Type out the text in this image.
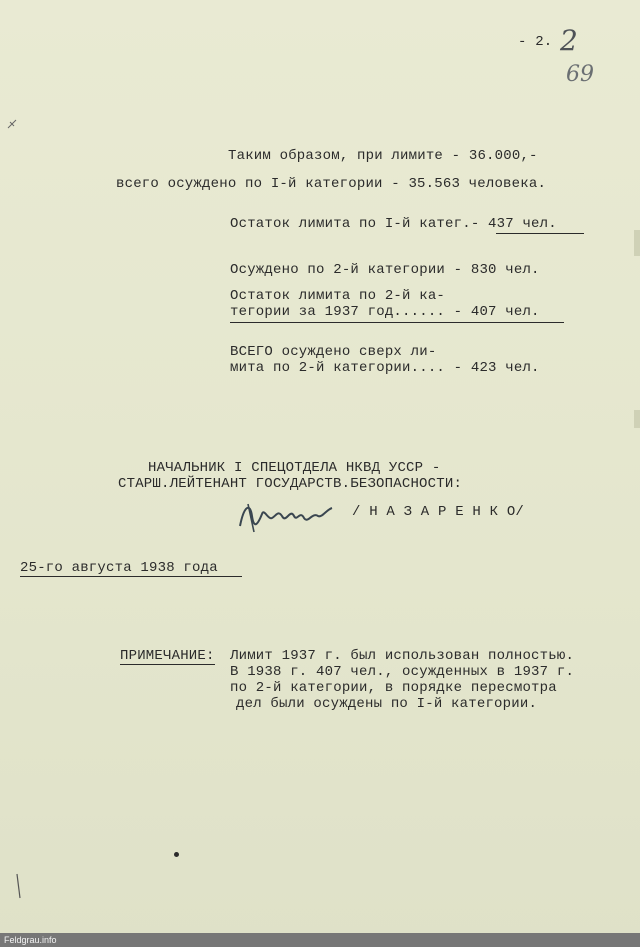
- 2. 2
69
Таким образом, при лимите - 36.000,-
всего осуждено по I-й категории - 35.563 человека.
Остаток лимита по I-й катег.- 437 чел.
Осуждено по 2-й категории - 830 чел.
Остаток лимита по 2-й ка-
тегории за 1937 год...... - 407 чел.
ВСЕГО осуждено сверх ли-
мита по 2-й категории.... - 423 чел.
НАЧАЛЬНИК I СПЕЦОТДЕЛА НКВД УССР -
СТАРШ.ЛЕЙТЕНАНТ ГОСУДАРСТВ.БЕЗОПАСНОСТИ:
/ Н А З А Р Е Н К О/
25-го августа 1938 года
ПРИМЕЧАНИЕ: Лимит 1937 г. был использован полностью.
В 1938 г. 407 чел., осужденных в 1937 г.
по 2-й категории, в порядке пересмотра
дел были осуждены по I-й категории.
Feldgrau.info
